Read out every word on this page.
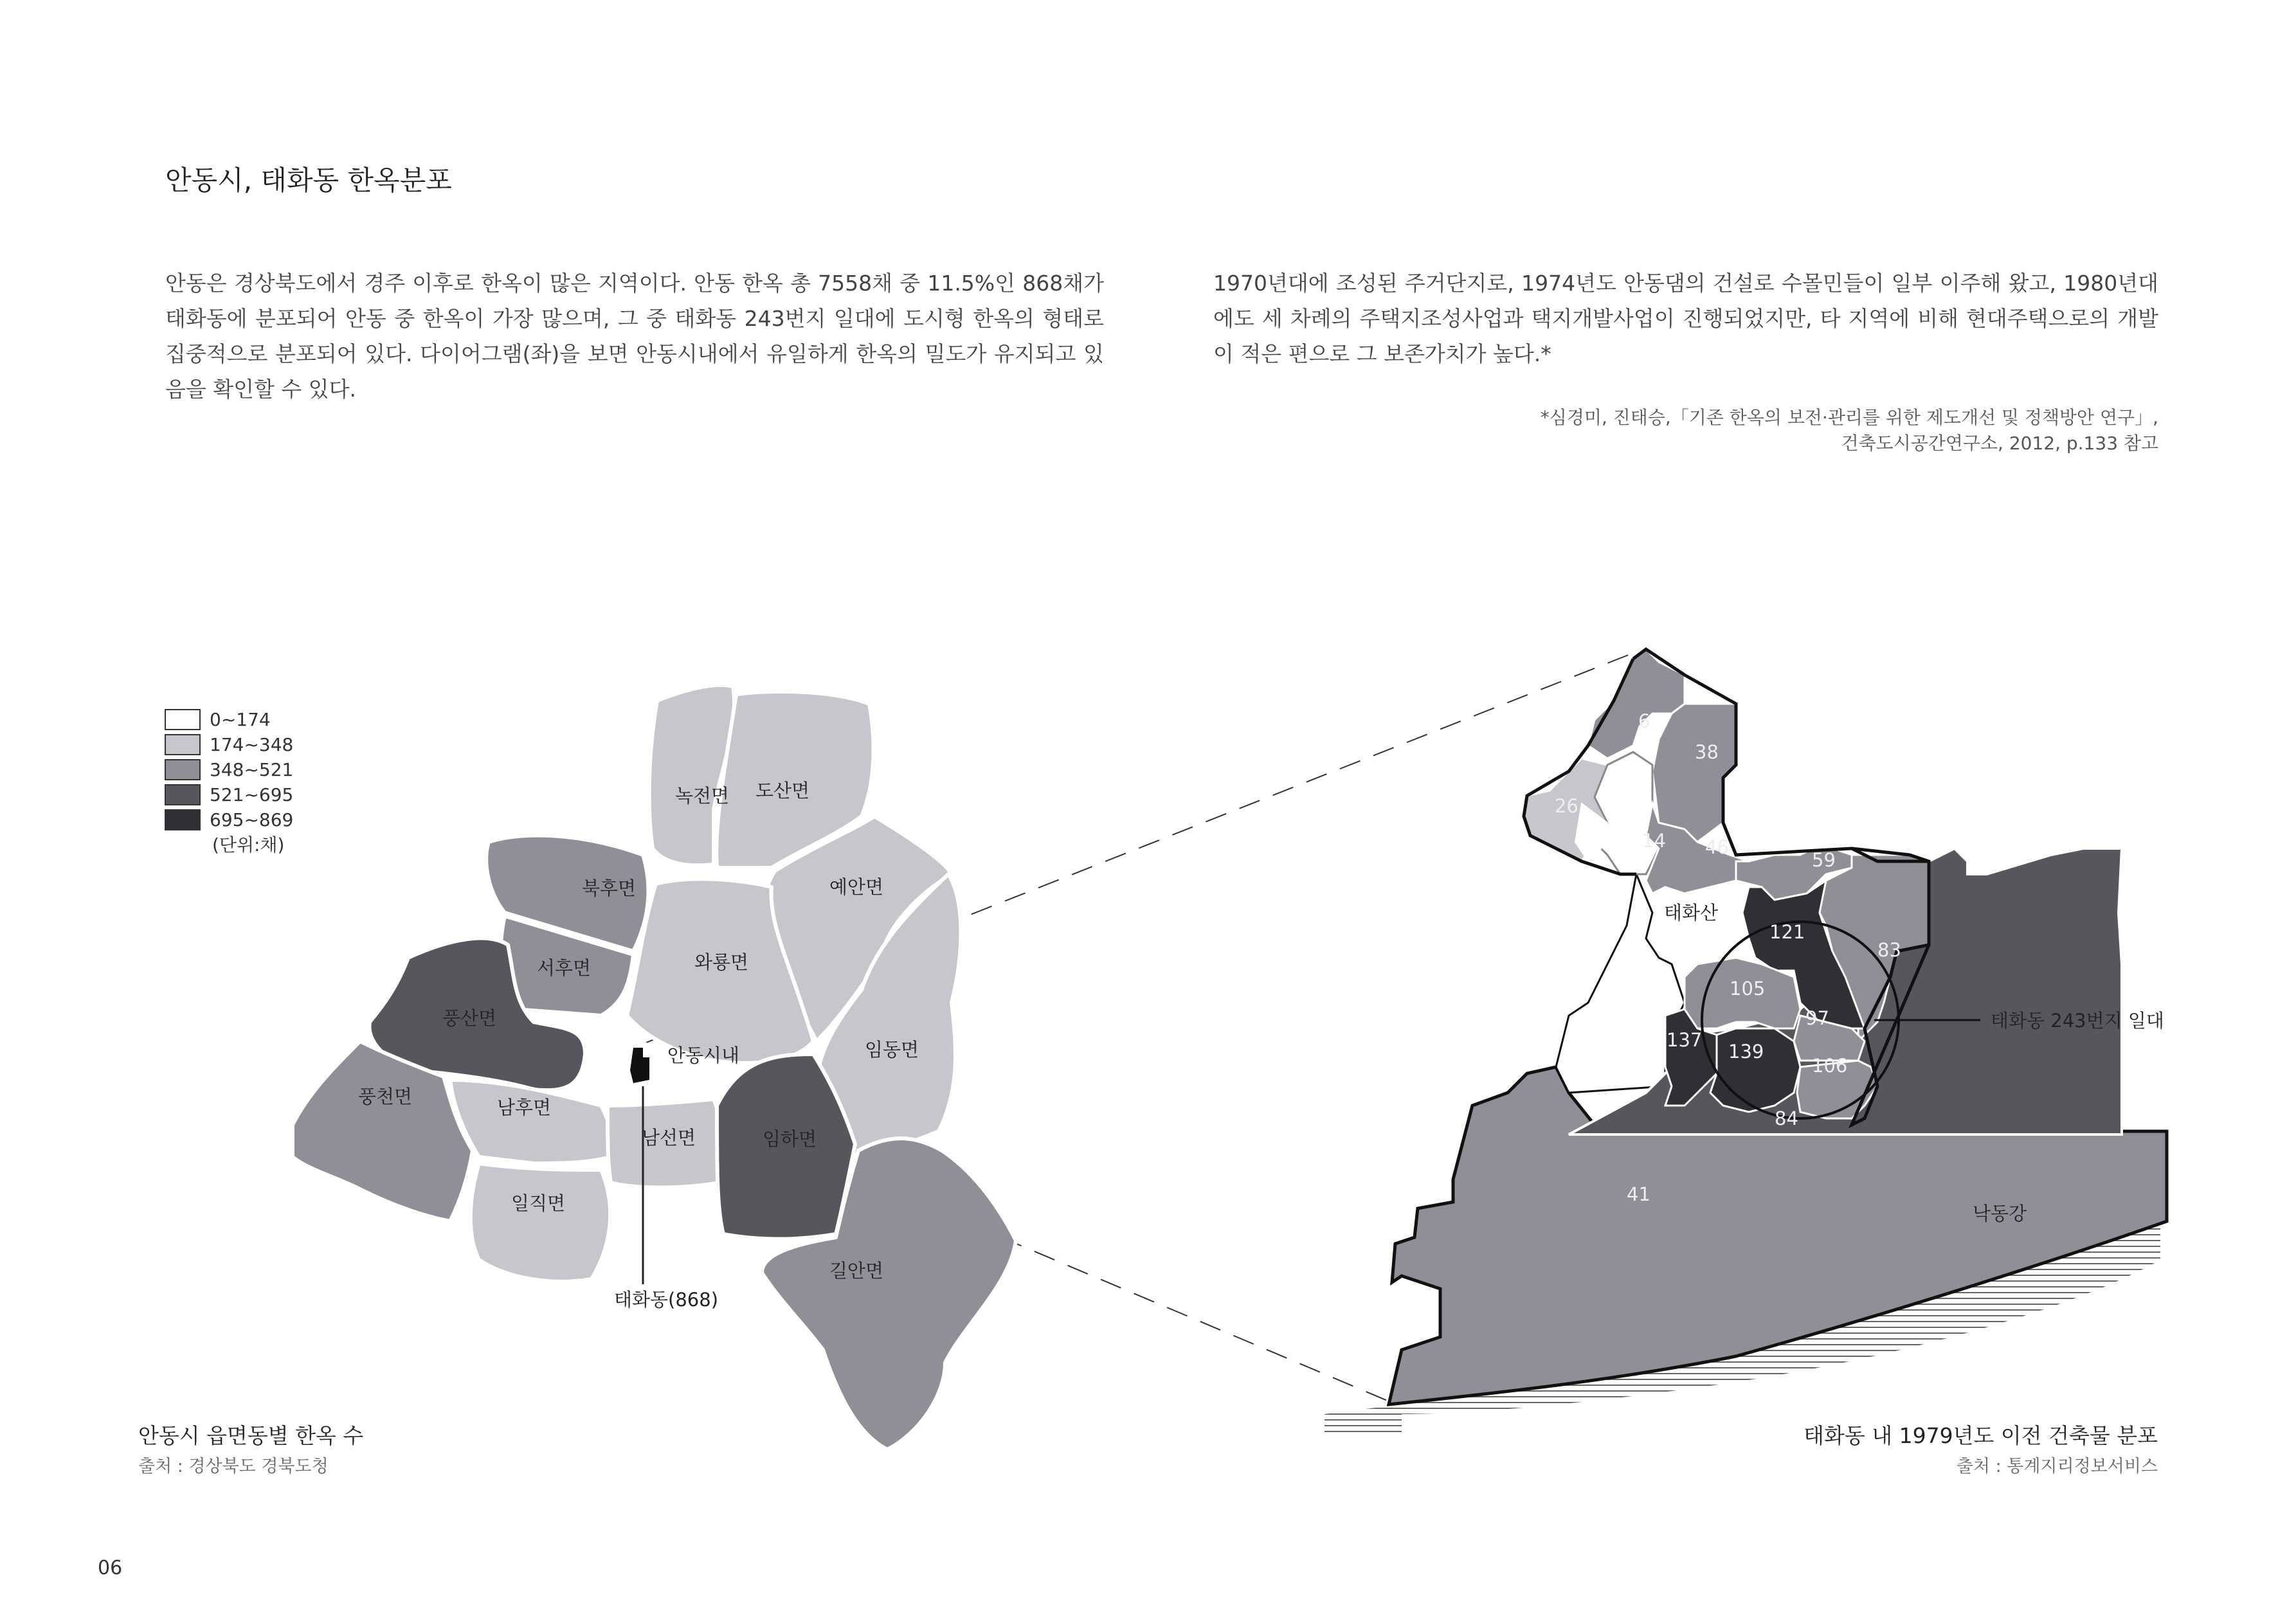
안동시, 태화동 한옥분포
안동은 경상북도에서 경주 이후로 한옥이 많은 지역이다. 안동 한옥 총 7558채 중 11.5%인 868채가 태화동에 분포되어 안동 중 한옥이 가장 많으며, 그 중 태화동 243번지 일대에 도시형 한옥의 형태로 집중적으로 분포되어 있다. 다이어그램(좌)을 보면 안동시내에서 유일하게 한옥의 밀도가 유지되고 있음을 확인할 수 있다.
1970년대에 조성된 주거단지로, 1974년도 안동댐의 건설로 수몰민들이 일부 이주해 왔고, 1980년대에도 세 차례의 주택지조성사업과 택지개발사업이 진행되었지만, 타 지역에 비해 현대주택으로의 개발이 적은 편으로 그 보존가치가 높다.*
*심경미, 진태승,「기존 한옥의 보전·관리를 위한 제도개선 및 정책방안 연구」,
건축도시공간연구소, 2012, p.133 참고
0~174
174~348
348~521
521~695
695~869
(단위:채)
녹전면 도산면
북후면	예안면
서후면	와룡면
풍산면
안동시내	임동면
풍천면	남후면
남선면	임하면
일직면
길안면
태화동(868)
6
38
26
14 46
59
121
83
105
97
137
139
106
84
41
태화산
낙동강
태화동 243번지 일대
안동시 읍면동별 한옥 수
출처 : 경상북도 경북도청
태화동 내 1979년도 이전 건축물 분포
출처 : 통계지리정보서비스
06
